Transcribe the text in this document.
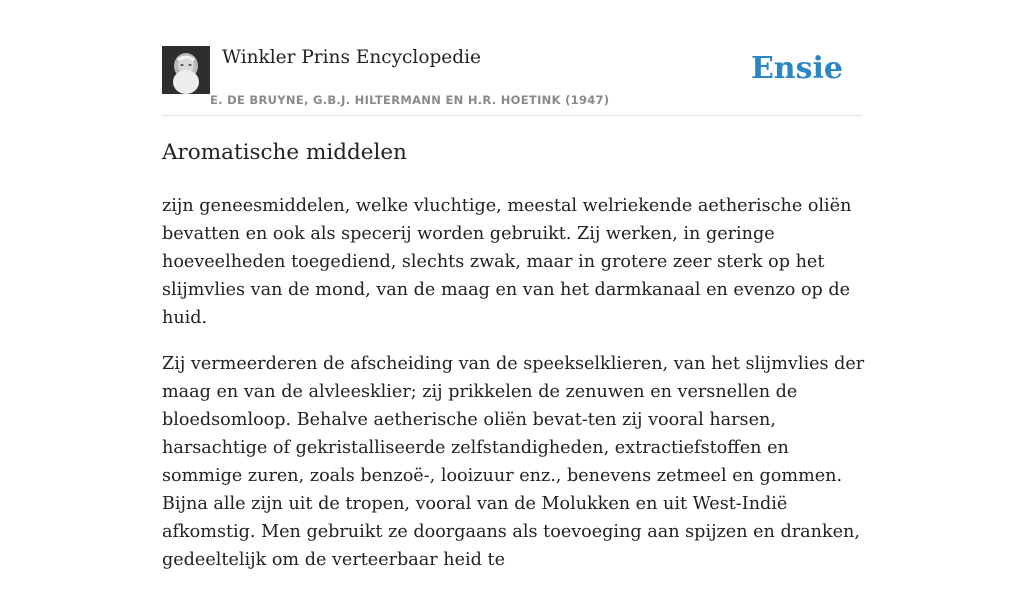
Winkler Prins Encyclopedie
E. DE BRUYNE, G.B.J. HILTERMANN EN H.R. HOETINK (1947)
Ensie
Aromatische middelen

zijn geneesmiddelen, welke vluchtige, meestal welriekende aetherische oliën bevatten en ook als specerij worden gebruikt. Zij werken, in geringe hoeveelheden toegediend, slechts zwak, maar in grotere zeer sterk op het slijmvlies van de mond, van de maag en van het darmkanaal en evenzo op de huid.

Zij vermeerderen de afscheiding van de speekselklieren, van het slijmvlies der maag en van de alvleesklier; zij prikkelen de zenuwen en versnellen de bloedsomloop. Behalve aetherische oliën bevat-ten zij vooral harsen, harsachtige of gekristalliseerde zelfstandigheden, extractiefstoffen en sommige zuren, zoals benzoë-, looizuur enz., benevens zetmeel en gommen. Bijna alle zijn uit de tropen, vooral van de Molukken en uit West-Indië afkomstig. Men gebruikt ze doorgaans als toevoeging aan spijzen en dranken, gedeeltelijk om de verteerbaar heid te
